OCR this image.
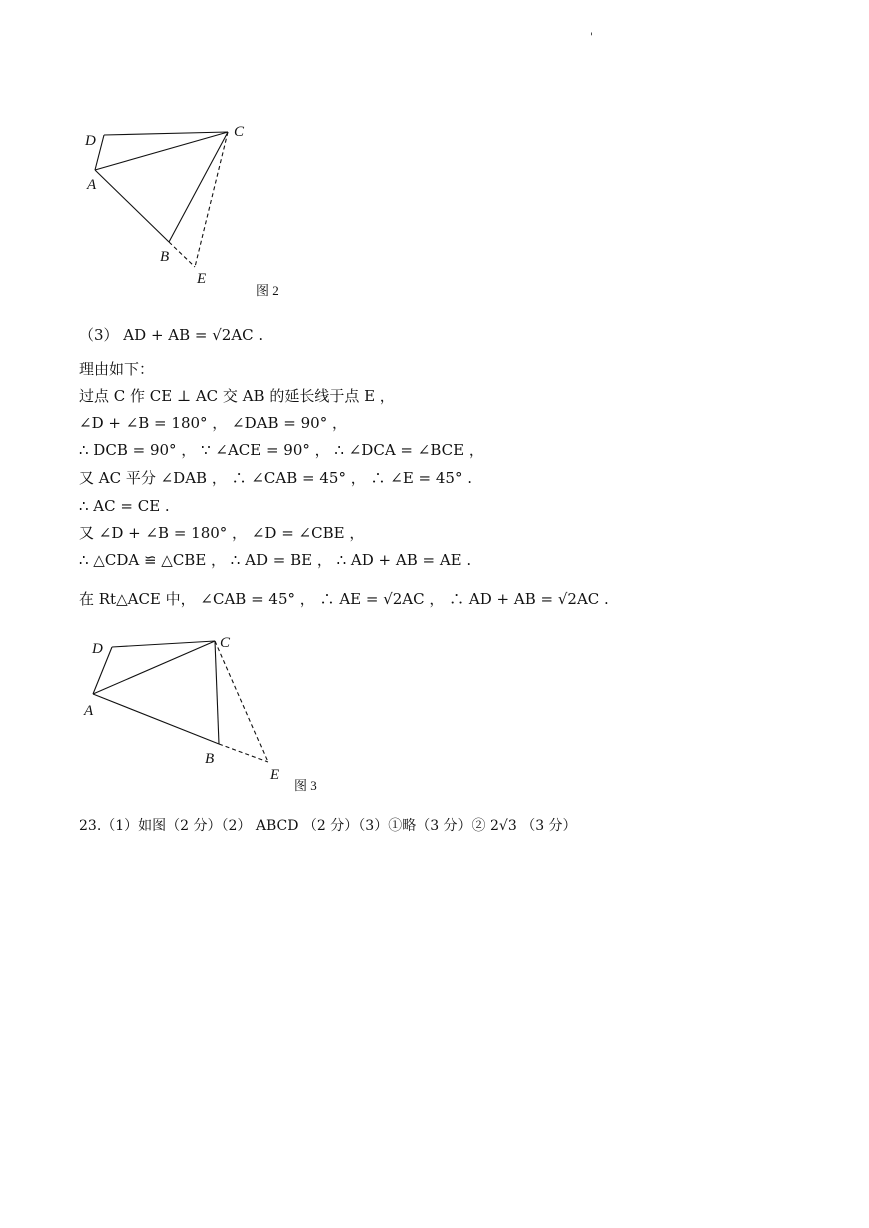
'
D
C
A
B
E
图 2
（3） AD + AB = √2AC .
理由如下：
过点 C 作 CE ⊥ AC 交 AB 的延长线于点 E ，
∠D + ∠B = 180° ， ∠DAB = 90° ，
∴ DCB = 90° ， ∵ ∠ACE = 90° ， ∴ ∠DCA = ∠BCE ，
又 AC 平分 ∠DAB ， ∴ ∠CAB = 45° ， ∴ ∠E = 45° .
∴ AC = CE .
又 ∠D + ∠B = 180° ， ∠D = ∠CBE ，
∴ △CDA ≌ △CBE ， ∴ AD = BE ， ∴ AD + AB = AE .
在 Rt△ACE 中， ∠CAB = 45° ， ∴ AE = √2AC ， ∴ AD + AB = √2AC .
D	C
A
B
E
图 3
23.（1）如图（2 分）（2） ABCD （2 分）（3）①略（3 分）② 2√3 （3 分）
